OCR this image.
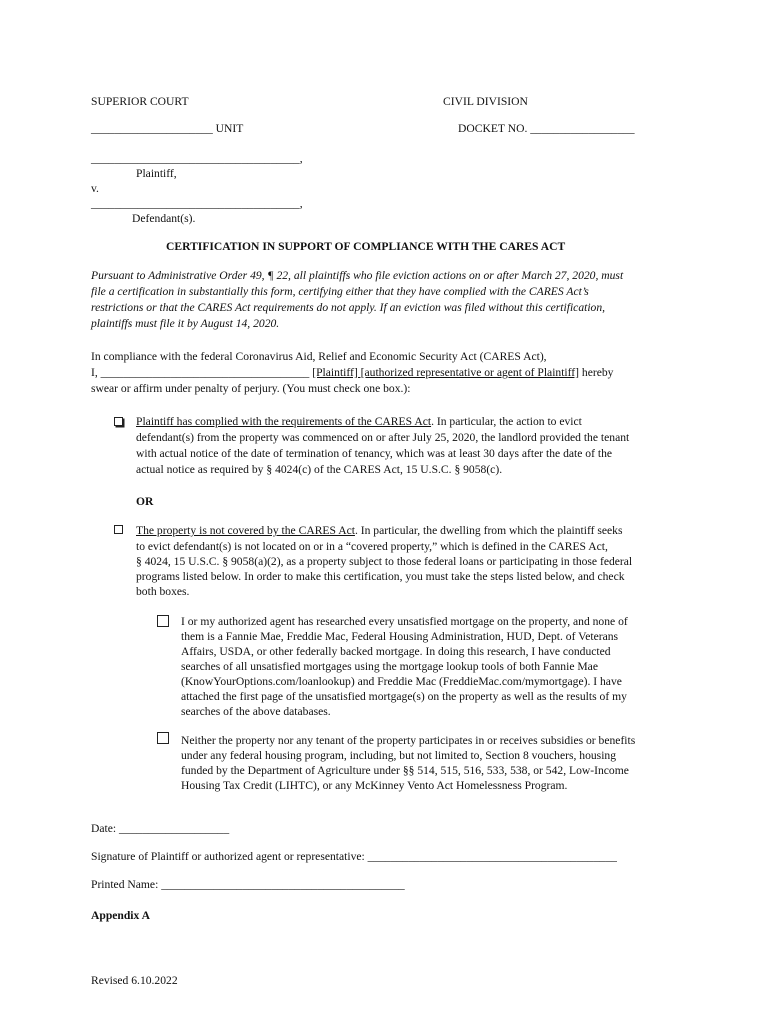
SUPERIOR COURT	CIVIL DIVISION
_____________________ UNIT	DOCKET NO. __________________
____________________________________,
Plaintiff,
v.
____________________________________,
Defendant(s).
CERTIFICATION IN SUPPORT OF COMPLIANCE WITH THE CARES ACT
Pursuant to Administrative Order 49, ¶ 22, all plaintiffs who file eviction actions on or after March 27, 2020, must
file a certification in substantially this form, certifying either that they have complied with the CARES Act’s
restrictions or that the CARES Act requirements do not apply. If an eviction was filed without this certification,
plaintiffs must file it by August 14, 2020.
In compliance with the federal Coronavirus Aid, Relief and Economic Security Act (CARES Act),
I, ____________________________________ [Plaintiff] [authorized representative or agent of Plaintiff] hereby
swear or affirm under penalty of perjury. (You must check one box.):
Plaintiff has complied with the requirements of the CARES Act. In particular, the action to evict
defendant(s) from the property was commenced on or after July 25, 2020, the landlord provided the tenant
with actual notice of the date of termination of tenancy, which was at least 30 days after the date of the
actual notice as required by § 4024(c) of the CARES Act, 15 U.S.C. § 9058(c).
OR
The property is not covered by the CARES Act. In particular, the dwelling from which the plaintiff seeks
to evict defendant(s) is not located on or in a “covered property,” which is defined in the CARES Act,
§ 4024, 15 U.S.C. § 9058(a)(2), as a property subject to those federal loans or participating in those federal
programs listed below. In order to make this certification, you must take the steps listed below, and check
both boxes.
I or my authorized agent has researched every unsatisfied mortgage on the property, and none of
them is a Fannie Mae, Freddie Mac, Federal Housing Administration, HUD, Dept. of Veterans
Affairs, USDA, or other federally backed mortgage. In doing this research, I have conducted
searches of all unsatisfied mortgages using the mortgage lookup tools of both Fannie Mae
(KnowYourOptions.com/loanlookup) and Freddie Mac (FreddieMac.com/mymortgage). I have
attached the first page of the unsatisfied mortgage(s) on the property as well as the results of my
searches of the above databases.
Neither the property nor any tenant of the property participates in or receives subsidies or benefits
under any federal housing program, including, but not limited to, Section 8 vouchers, housing
funded by the Department of Agriculture under §§ 514, 515, 516, 533, 538, or 542, Low-Income
Housing Tax Credit (LIHTC), or any McKinney Vento Act Homelessness Program.
Date: ___________________
Signature of Plaintiff or authorized agent or representative: ___________________________________________
Printed Name: __________________________________________
Appendix A
Revised 6.10.2022
